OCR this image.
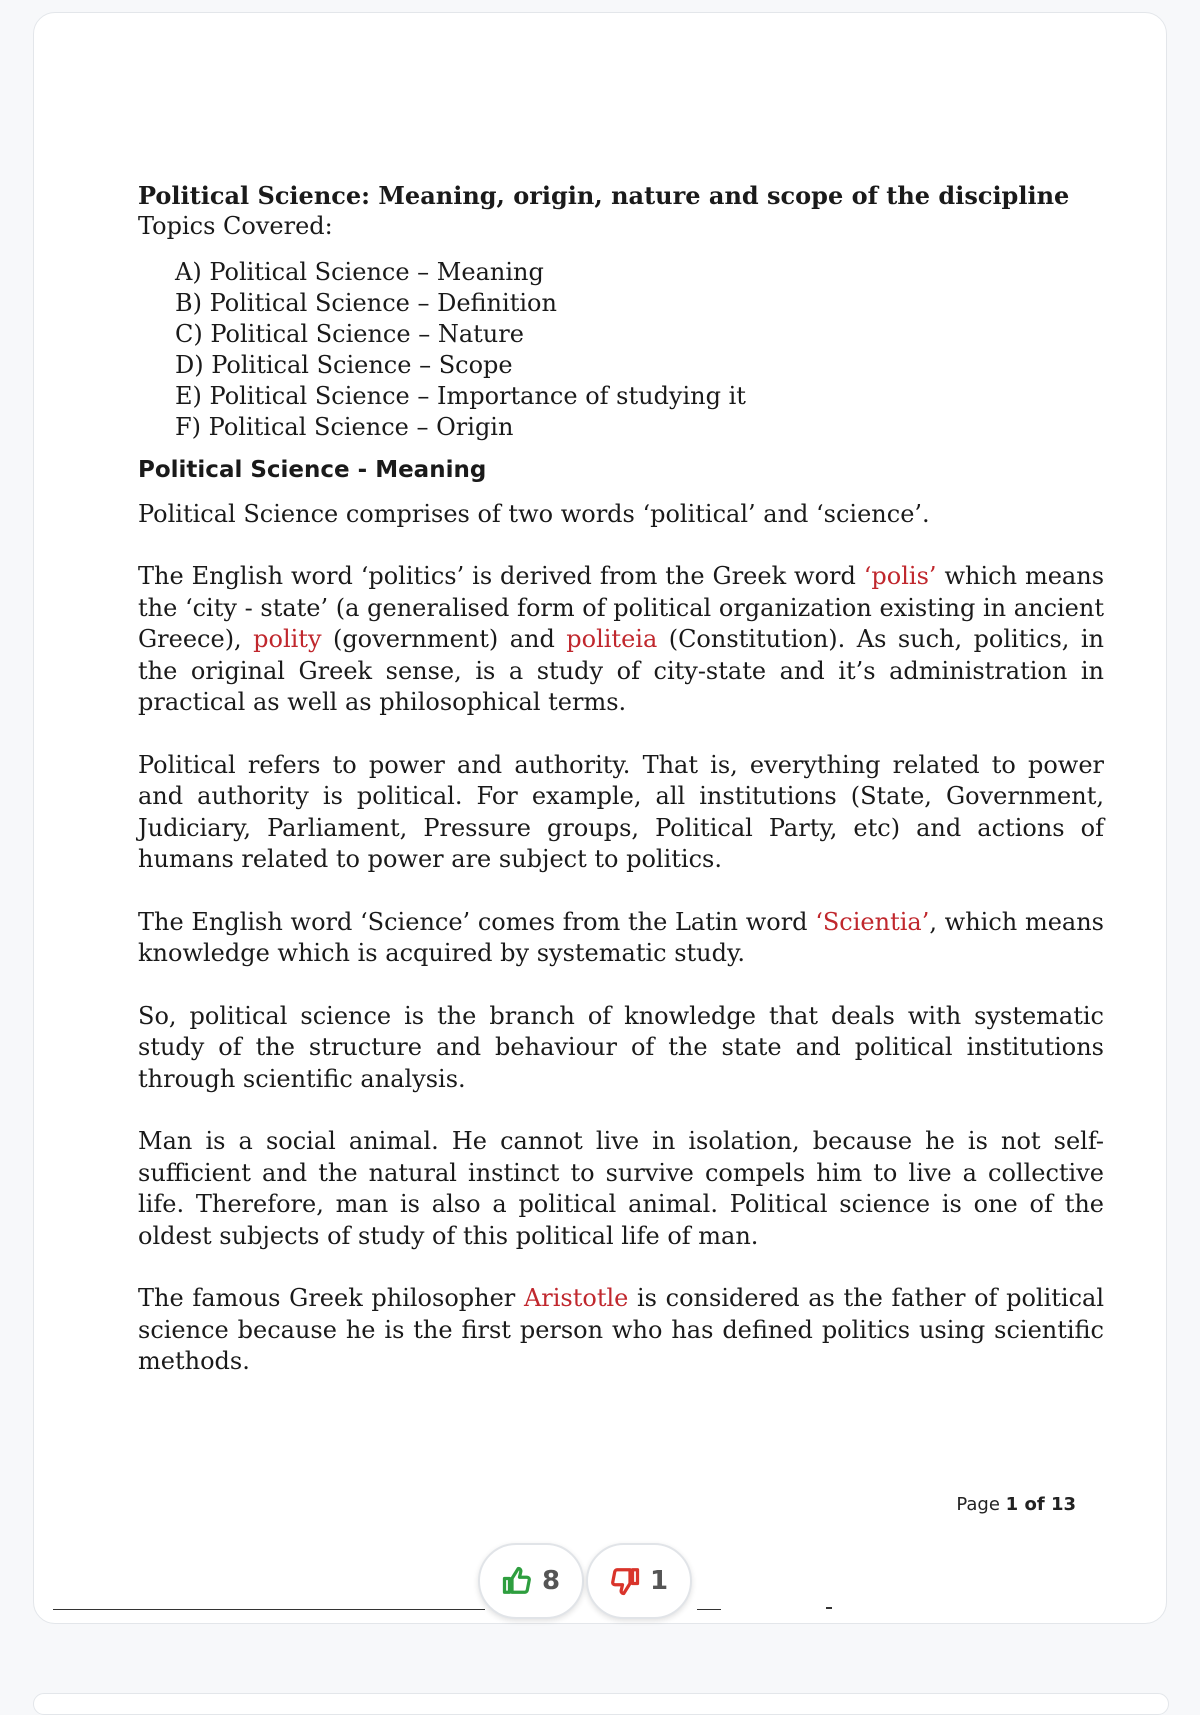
Political Science: Meaning, origin, nature and scope of the discipline

Topics Covered:

A) Political Science – Meaning
B) Political Science – Definition
C) Political Science – Nature
D) Political Science – Scope
E) Political Science – Importance of studying it
F) Political Science – Origin

Political Science - Meaning

Political Science comprises of two words ‘political’ and ‘science’.

The English word ‘politics’ is derived from the Greek word ‘polis’ which means the ‘city - state’ (a generalised form of political organization existing in ancient Greece), polity (government) and politeia (Constitution). As such, politics, in the original Greek sense, is a study of city-state and it’s administration in practical as well as philosophical terms.

Political refers to power and authority. That is, everything related to power and authority is political. For example, all institutions (State, Government, Judiciary, Parliament, Pressure groups, Political Party, etc) and actions of humans related to power are subject to politics.

The English word ‘Science’ comes from the Latin word ‘Scientia’, which means knowledge which is acquired by systematic study.

So, political science is the branch of knowledge that deals with systematic study of the structure and behaviour of the state and political institutions through scientific analysis.

Man is a social animal. He cannot live in isolation, because he is not self-sufficient and the natural instinct to survive compels him to live a collective life. Therefore, man is also a political animal. Political science is one of the oldest subjects of study of this political life of man.

The famous Greek philosopher Aristotle is considered as the father of political science because he is the first person who has defined politics using scientific methods.

Page 1 of 13
8	1
